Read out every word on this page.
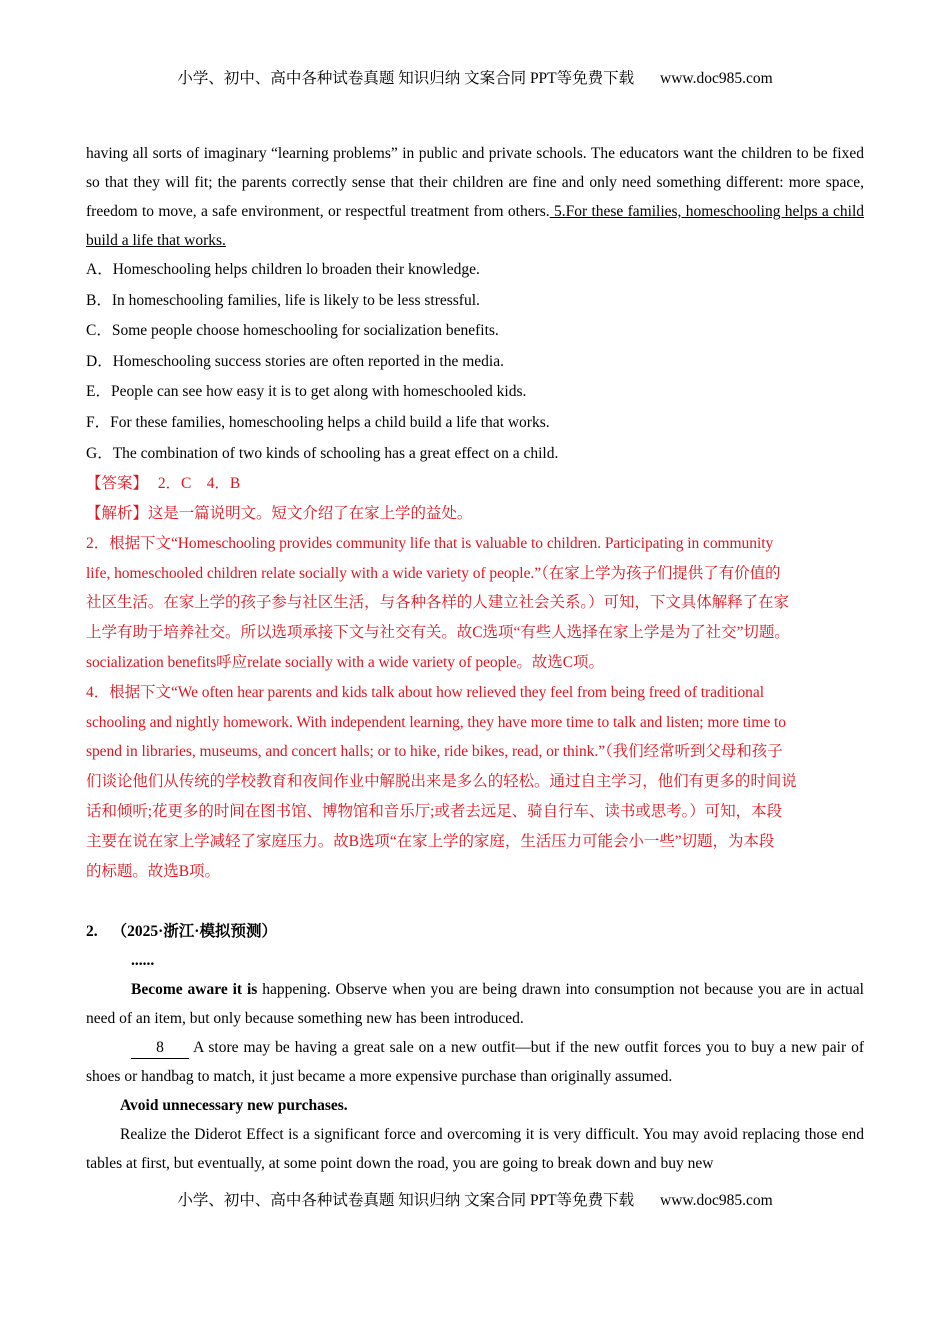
小学、初中、高中各种试卷真题 知识归纳 文案合同 PPT等免费下载 www.doc985.com

having all sorts of imaginary “learning problems” in public and private schools. The educators want the children to be fixed so that they will fit; the parents correctly sense that their children are fine and only need something different: more space, freedom to move, a safe environment, or respectful treatment from others. 5.For these families, homeschooling helps a child build a life that works.

A．Homeschooling helps children lo broaden their knowledge.

B．In homeschooling families, life is likely to be less stressful.

C．Some people choose homeschooling for socialization benefits.

D．Homeschooling success stories are often reported in the media.

E．People can see how easy it is to get along with homeschooled kids.

F．For these families, homeschooling helps a child build a life that works.

G．The combination of two kinds of schooling has a great effect on a child.

【答案】 2．C　4．B

【解析】这是一篇说明文。短文介绍了在家上学的益处。

2．根据下文“Homeschooling provides community life that is valuable to children. Participating in community

life, homeschooled children relate socially with a wide variety of people.”（在家上学为孩子们提供了有价值的

社区生活。在家上学的孩子参与社区生活，与各种各样的人建立社会关系。）可知，下文具体解释了在家

上学有助于培养社交。所以选项承接下文与社交有关。故C选项“有些人选择在家上学是为了社交”切题。

socialization benefits呼应relate socially with a wide variety of people。故选C项。

4．根据下文“We often hear parents and kids talk about how relieved they feel from being freed of traditional

schooling and nightly homework. With independent learning, they have more time to talk and listen; more time to

spend in libraries, museums, and concert halls; or to hike, ride bikes, read, or think.”（我们经常听到父母和孩子

们谈论他们从传统的学校教育和夜间作业中解脱出来是多么的轻松。通过自主学习，他们有更多的时间说

话和倾听;花更多的时间在图书馆、博物馆和音乐厅;或者去远足、骑自行车、读书或思考。）可知，本段

主要在说在家上学减轻了家庭压力。故B选项“在家上学的家庭，生活压力可能会小一些”切题，为本段

的标题。故选B项。

2. （2025·浙江·模拟预测）

......

Become aware it is happening. Observe when you are being drawn into consumption not because you are in actual need of an item, but only because something new has been introduced.

8 A store may be having a great sale on a new outfit—but if the new outfit forces you to buy a new pair of shoes or handbag to match, it just became a more expensive purchase than originally assumed.

Avoid unnecessary new purchases.

Realize the Diderot Effect is a significant force and overcoming it is very difficult. You may avoid replacing those end tables at first, but eventually, at some point down the road, you are going to break down and buy new

小学、初中、高中各种试卷真题 知识归纳 文案合同 PPT等免费下载 www.doc985.com
